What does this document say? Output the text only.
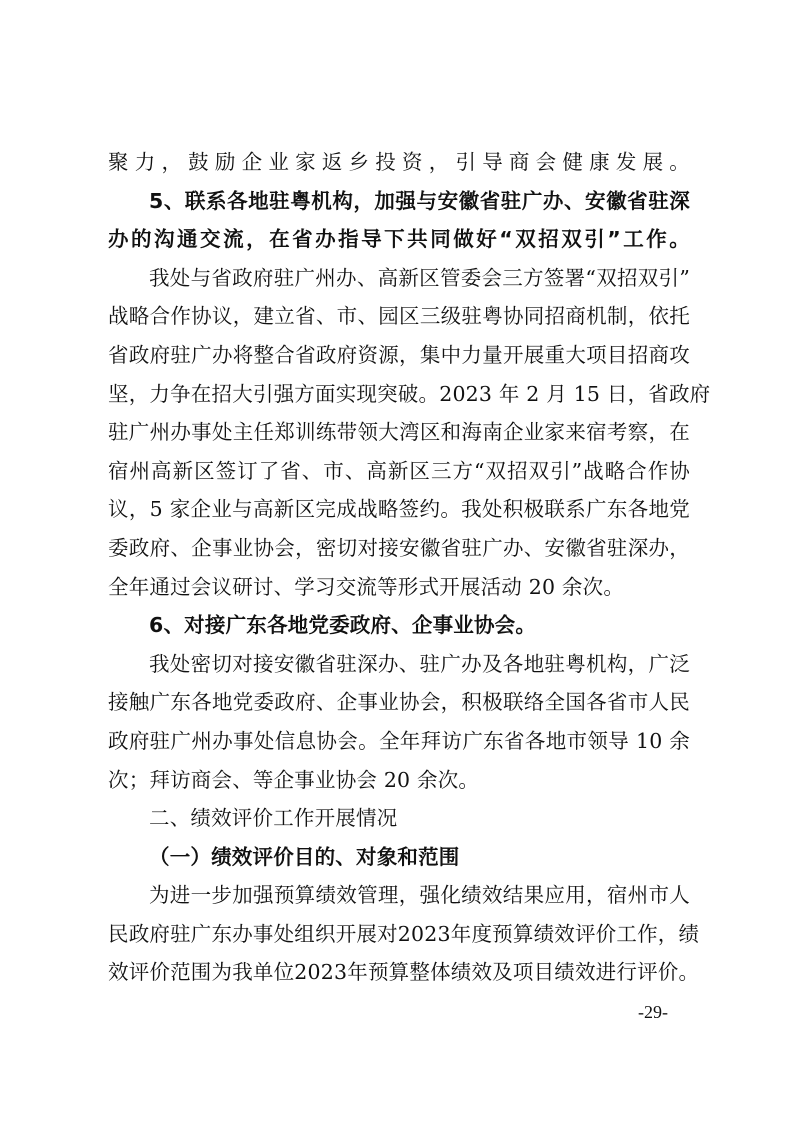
聚力，鼓励企业家返乡投资，引导商会健康发展。
5、联系各地驻粤机构，加强与安徽省驻广办、安徽省驻深
办的沟通交流，在省办指导下共同做好“双招双引”工作。
我处与省政府驻广州办、高新区管委会三方签署“双招双引”
战略合作协议，建立省、市、园区三级驻粤协同招商机制，依托
省政府驻广办将整合省政府资源，集中力量开展重大项目招商攻
坚，力争在招大引强方面实现突破。2023 年 2 月 15 日，省政府
驻广州办事处主任郑训练带领大湾区和海南企业家来宿考察，在
宿州高新区签订了省、市、高新区三方“双招双引”战略合作协
议，5 家企业与高新区完成战略签约。我处积极联系广东各地党
委政府、企事业协会，密切对接安徽省驻广办、安徽省驻深办，
全年通过会议研讨、学习交流等形式开展活动 20 余次。
6、对接广东各地党委政府、企事业协会。
我处密切对接安徽省驻深办、驻广办及各地驻粤机构，广泛
接触广东各地党委政府、企事业协会，积极联络全国各省市人民
政府驻广州办事处信息协会。全年拜访广东省各地市领导 10 余
次；拜访商会、等企事业协会 20 余次。
二、绩效评价工作开展情况
（一）绩效评价目的、对象和范围
为进一步加强预算绩效管理，强化绩效结果应用，宿州市人
民政府驻广东办事处组织开展对2023年度预算绩效评价工作，绩
效评价范围为我单位2023年预算整体绩效及项目绩效进行评价。
-29-
